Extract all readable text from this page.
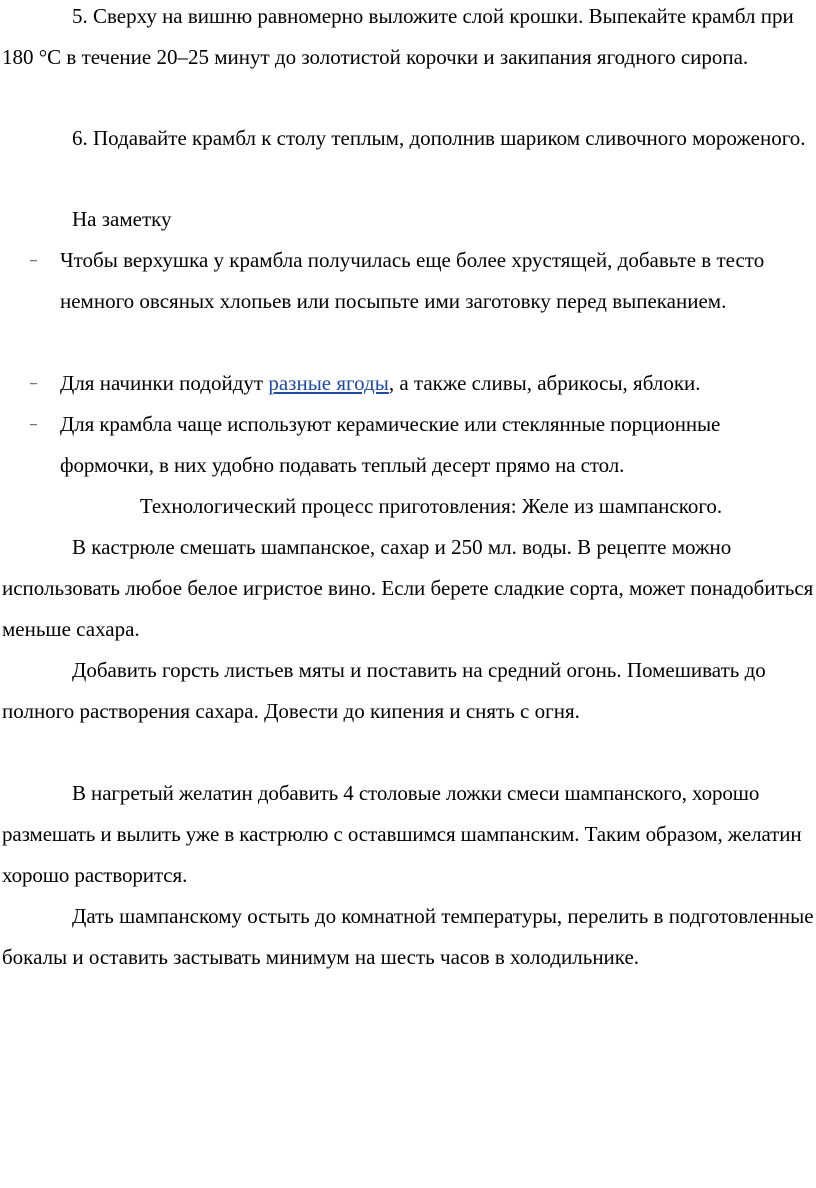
5. Сверху на вишню равномерно выложите слой крошки. Выпекайте крамбл при 180 °C в течение 20–25 минут до золотистой корочки и закипания ягодного сиропа.

6. Подавайте крамбл к столу теплым, дополнив шариком сливочного мороженого.

На заметку

– Чтобы верхушка у крамбла получилась еще более хрустящей, добавьте в тесто немного овсяных хлопьев или посыпьте ими заготовку перед выпеканием.
– Для начинки подойдут разные ягоды, а также сливы, абрикосы, яблоки.
– Для крамбла чаще используют керамические или стеклянные порционные формочки, в них удобно подавать теплый десерт прямо на стол.

Технологический процесс приготовления: Желе из шампанского.

В кастрюле смешать шампанское, сахар и 250 мл. воды. В рецепте можно использовать любое белое игристое вино. Если берете сладкие сорта, может понадобиться меньше сахара.

Добавить горсть листьев мяты и поставить на средний огонь. Помешивать до полного растворения сахара. Довести до кипения и снять с огня.

В нагретый желатин добавить 4 столовые ложки смеси шампанского, хорошо размешать и вылить уже в кастрюлю с оставшимся шампанским. Таким образом, желатин хорошо растворится.

Дать шампанскому остыть до комнатной температуры, перелить в подготовленные бокалы и оставить застывать минимум на шесть часов в холодильнике.
